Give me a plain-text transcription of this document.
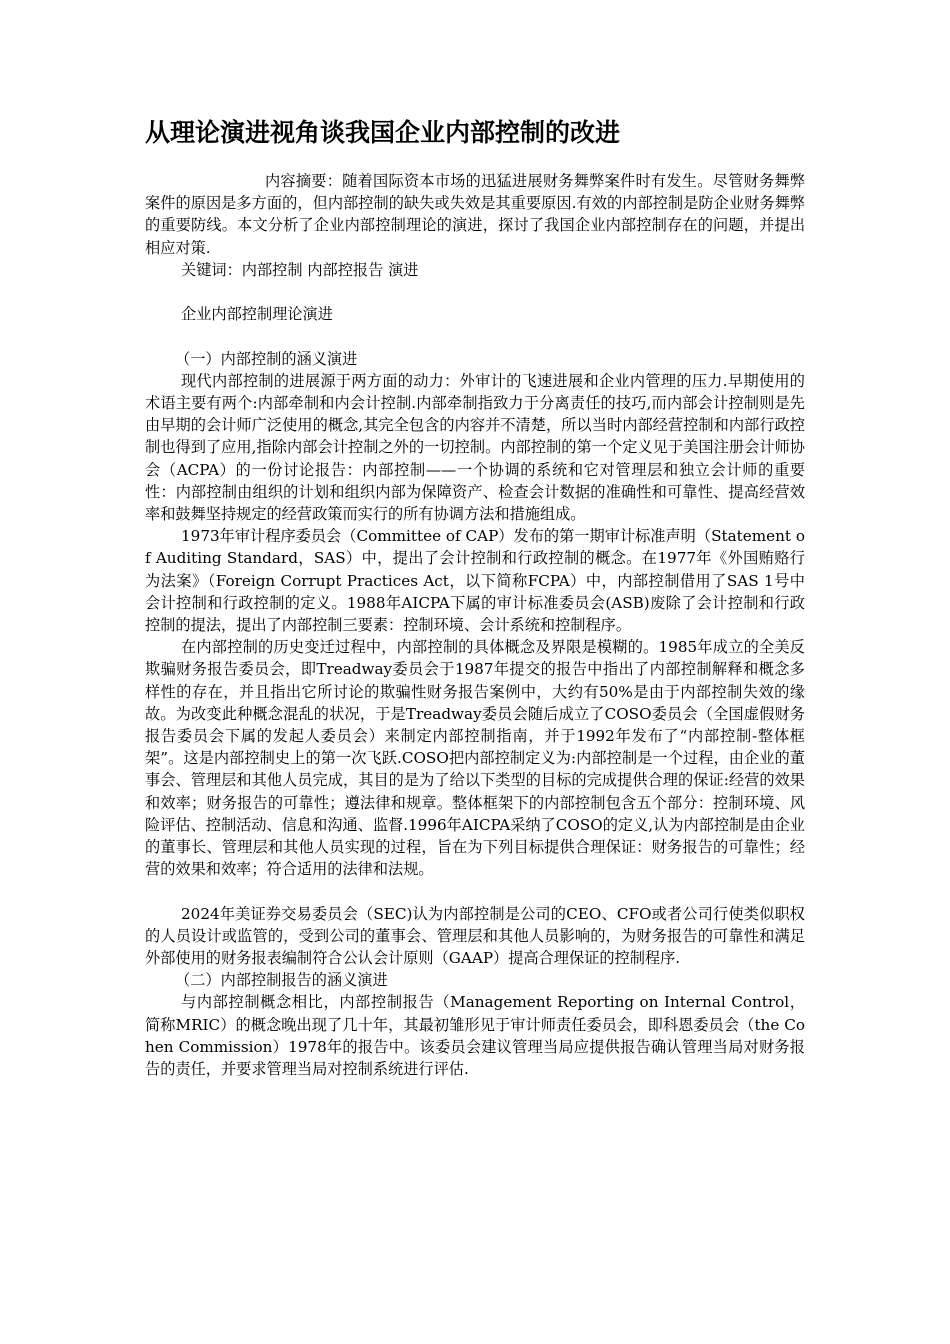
从理论演进视角谈我国企业内部控制的改进

内容摘要：随着国际资本市场的迅猛进展财务舞弊案件时有发生。尽管财务舞弊案件的原因是多方面的，但内部控制的缺失或失效是其重要原因.有效的内部控制是防企业财务舞弊的重要防线。本文分析了企业内部控制理论的演进，探讨了我国企业内部控制存在的问题，并提出相应对策.

关键词：内部控制 内部控报告 演进

企业内部控制理论演进

（一）内部控制的涵义演进

现代内部控制的进展源于两方面的动力：外审计的飞速进展和企业内管理的压力.早期使用的术语主要有两个:内部牵制和内会计控制.内部牵制指致力于分离责任的技巧,而内部会计控制则是先由早期的会计师广泛使用的概念,其完全包含的内容并不清楚，所以当时内部经营控制和内部行政控制也得到了应用,指除内部会计控制之外的一切控制。内部控制的第一个定义见于美国注册会计师协会（ACPA）的一份讨论报告：内部控制——一个协调的系统和它对管理层和独立会计师的重要性：内部控制由组织的计划和组织内部为保障资产、检查会计数据的准确性和可靠性、提高经营效率和鼓舞坚持规定的经营政策而实行的所有协调方法和措施组成。

1973年审计程序委员会（Committee of CAP）发布的第一期审计标准声明（Statement of Auditing Standard，SAS）中，提出了会计控制和行政控制的概念。在1977年《外国贿赂行为法案》（Foreign Corrupt Practices Act，以下简称FCPA）中，内部控制借用了SAS 1号中会计控制和行政控制的定义。1988年AICPA下属的审计标准委员会(ASB)废除了会计控制和行政控制的提法，提出了内部控制三要素：控制环境、会计系统和控制程序。

在内部控制的历史变迁过程中，内部控制的具体概念及界限是模糊的。1985年成立的全美反欺骗财务报告委员会，即Treadway委员会于1987年提交的报告中指出了内部控制解释和概念多样性的存在，并且指出它所讨论的欺骗性财务报告案例中，大约有50%是由于内部控制失效的缘故。为改变此种概念混乱的状况，于是Treadway委员会随后成立了COSO委员会（全国虚假财务报告委员会下属的发起人委员会）来制定内部控制指南，并于1992年发布了“内部控制-整体框架”。这是内部控制史上的第一次飞跃.COSO把内部控制定义为:内部控制是一个过程，由企业的董事会、管理层和其他人员完成，其目的是为了给以下类型的目标的完成提供合理的保证:经营的效果和效率；财务报告的可靠性；遵法律和规章。整体框架下的内部控制包含五个部分：控制环境、风险评估、控制活动、信息和沟通、监督.1996年AICPA采纳了COSO的定义,认为内部控制是由企业的董事长、管理层和其他人员实现的过程，旨在为下列目标提供合理保证：财务报告的可靠性；经营的效果和效率；符合适用的法律和法规。

2024年美证券交易委员会（SEC)认为内部控制是公司的CEO、CFO或者公司行使类似职权的人员设计或监管的，受到公司的董事会、管理层和其他人员影响的，为财务报告的可靠性和满足外部使用的财务报表编制符合公认会计原则（GAAP）提高合理保证的控制程序.

（二）内部控制报告的涵义演进

与内部控制概念相比，内部控制报告（Management Reporting on Internal Control，简称MRIC）的概念晚出现了几十年，其最初雏形见于审计师责任委员会，即科恩委员会（the Cohen Commission）1978年的报告中。该委员会建议管理当局应提供报告确认管理当局对财务报告的责任，并要求管理当局对控制系统进行评估.
